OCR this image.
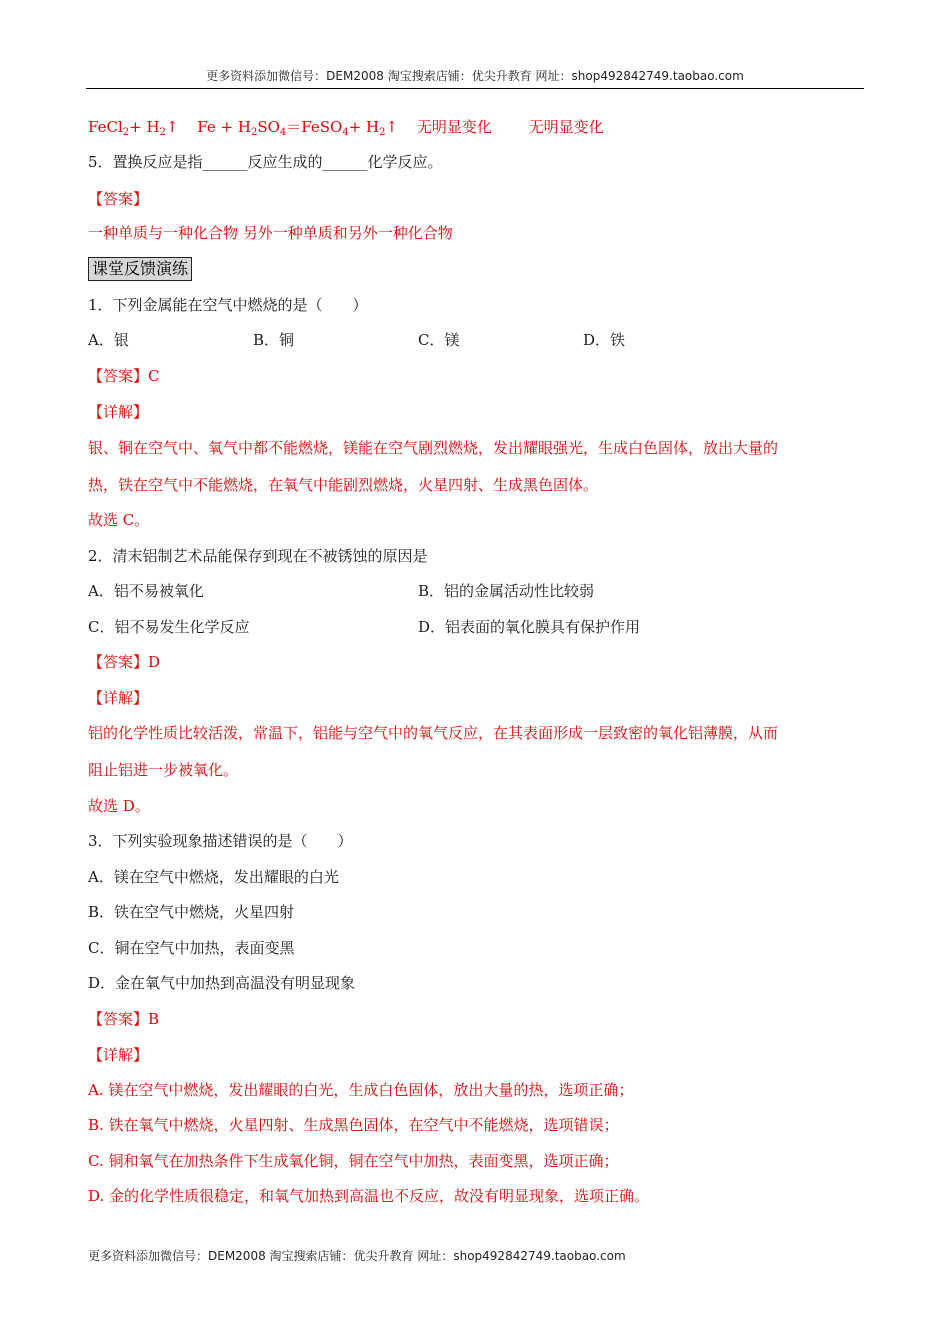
更多资料添加微信号：DEM2008 淘宝搜索店铺：优尖升教育 网址：shop492842749.taobao.com
FeCl$_2$+ $H_2↑$ $Fe + H_2SO_4=FeSO_4+$ $H_2↑$ 无明显变化 无明显变化
5．置换反应是指______反应生成的______化学反应。
【答案】
一种单质与一种化合物 另外一种单质和另外一种化合物
课堂反馈演练
1．下列金属能在空气中燃烧的是（　　）
A．银	B．铜	C．镁	D．铁
【答案】C
【详解】
银、铜在空气中、氧气中都不能燃烧，镁能在空气剧烈燃烧，发出耀眼强光，生成白色固体，放出大量的
热，铁在空气中不能燃烧，在氧气中能剧烈燃烧，火星四射、生成黑色固体。
故选 C。
2．清末铝制艺术品能保存到现在不被锈蚀的原因是
A．铝不易被氧化	B．铝的金属活动性比较弱
C．铝不易发生化学反应	D．铝表面的氧化膜具有保护作用
【答案】D
【详解】
铝的化学性质比较活泼，常温下，铝能与空气中的氧气反应，在其表面形成一层致密的氧化铝薄膜，从而
阻止铝进一步被氧化。
故选 D。
3．下列实验现象描述错误的是（　　）
A．镁在空气中燃烧，发出耀眼的白光
B．铁在空气中燃烧，火星四射
C．铜在空气中加热，表面变黑
D．金在氧气中加热到高温没有明显现象
【答案】B
【详解】
A. 镁在空气中燃烧，发出耀眼的白光，生成白色固体，放出大量的热，选项正确；
B. 铁在氧气中燃烧，火星四射、生成黑色固体，在空气中不能燃烧，选项错误；
C. 铜和氧气在加热条件下生成氧化铜，铜在空气中加热，表面变黑，选项正确；
D. 金的化学性质很稳定，和氧气加热到高温也不反应，故没有明显现象，选项正确。
更多资料添加微信号：DEM2008 淘宝搜索店铺：优尖升教育 网址：shop492842749.taobao.com
